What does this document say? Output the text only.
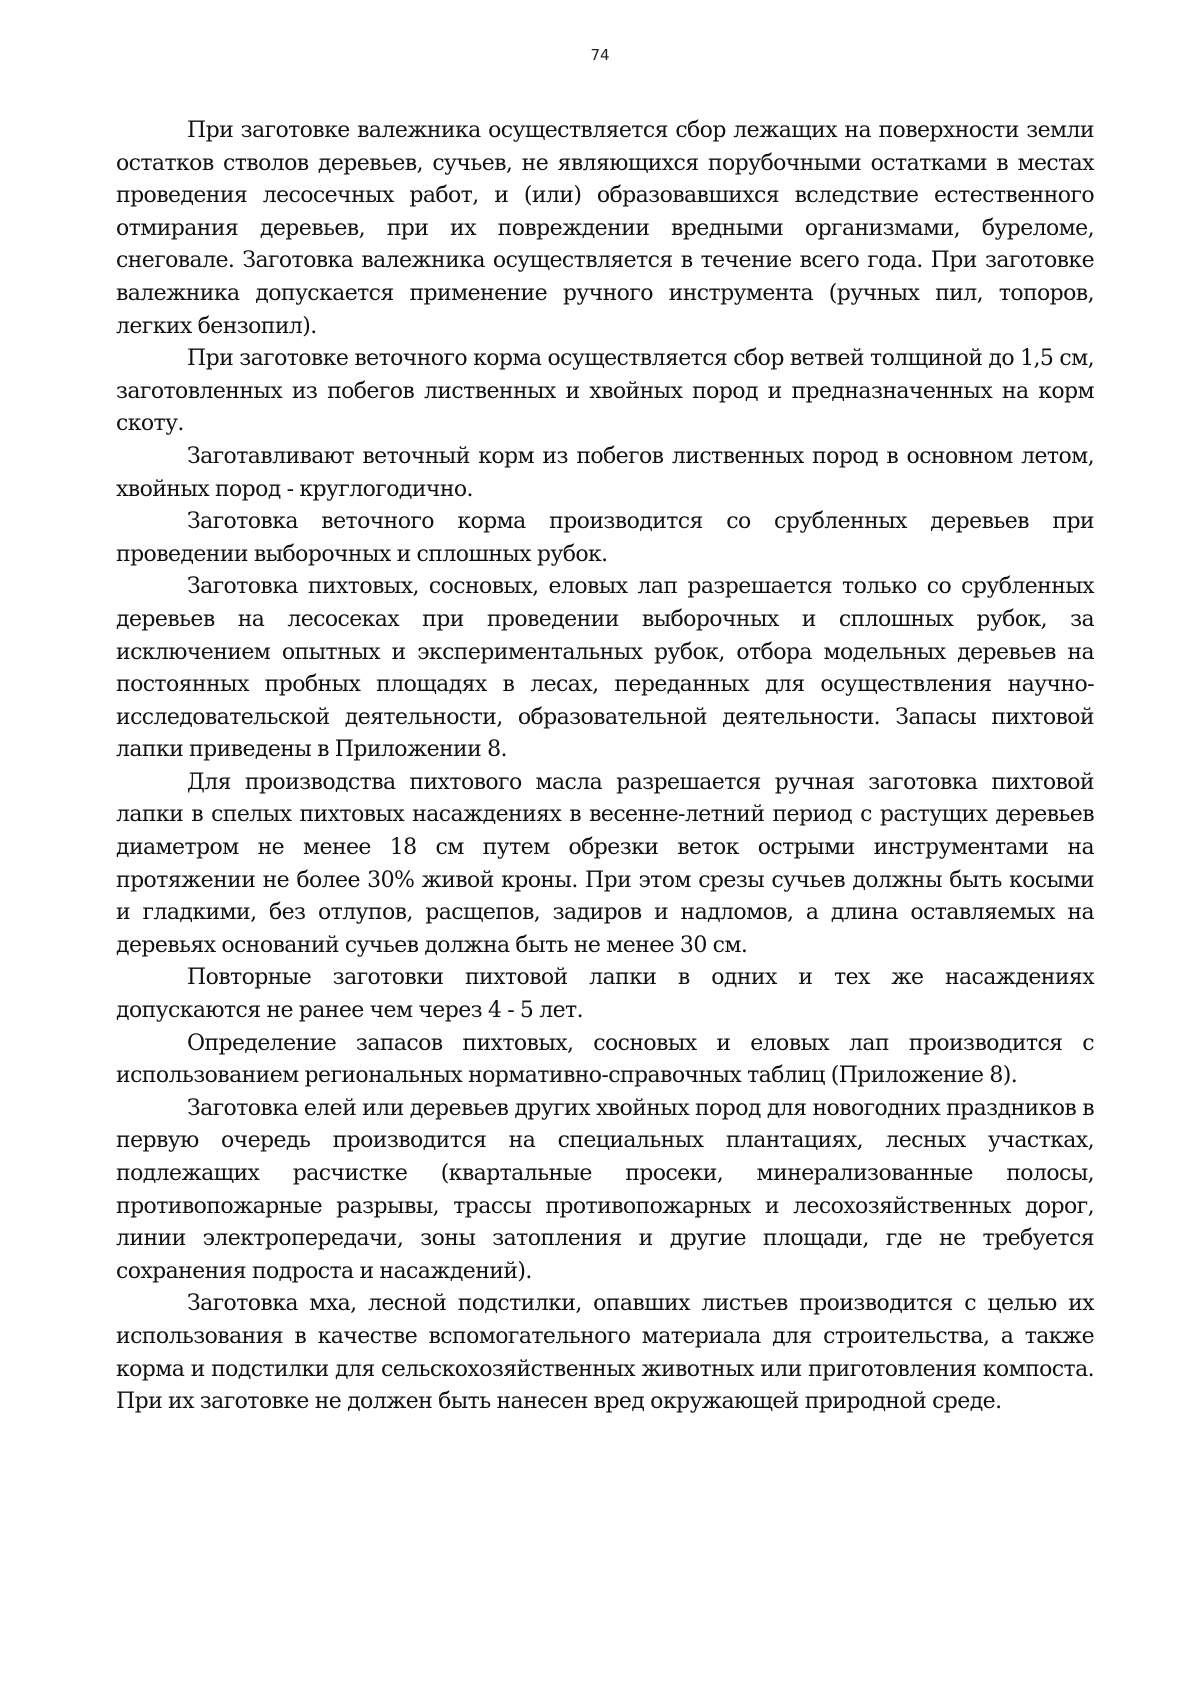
74

При заготовке валежника осуществляется сбор лежащих на поверхности земли остатков стволов деревьев, сучьев, не являющихся порубочными остатками в местах проведения лесосечных работ, и (или) образовавшихся вследствие естественного отмирания деревьев, при их повреждении вредными организмами, буреломе, снеговале. Заготовка валежника осуществляется в течение всего года. При заготовке валежника допускается применение ручного инструмента (ручных пил, топоров, легких бензопил).

При заготовке веточного корма осуществляется сбор ветвей толщиной до 1,5 см, заготовленных из побегов лиственных и хвойных пород и предназначенных на корм скоту.

Заготавливают веточный корм из побегов лиственных пород в основном летом, хвойных пород - круглогодично.

Заготовка веточного корма производится со срубленных деревьев при проведении выборочных и сплошных рубок.

Заготовка пихтовых, сосновых, еловых лап разрешается только со срубленных деревьев на лесосеках при проведении выборочных и сплошных рубок, за исключением опытных и экспериментальных рубок, отбора модельных деревьев на постоянных пробных площадях в лесах, переданных для осуществления научно-исследовательской деятельности, образовательной деятельности. Запасы пихтовой лапки приведены в Приложении 8.

Для производства пихтового масла разрешается ручная заготовка пихтовой лапки в спелых пихтовых насаждениях в весенне-летний период с растущих деревьев диаметром не менее 18 см путем обрезки веток острыми инструментами на протяжении не более 30% живой кроны. При этом срезы сучьев должны быть косыми и гладкими, без отлупов, расщепов, задиров и надломов, а длина оставляемых на деревьях оснований сучьев должна быть не менее 30 см.

Повторные заготовки пихтовой лапки в одних и тех же насаждениях допускаются не ранее чем через 4 - 5 лет.

Определение запасов пихтовых, сосновых и еловых лап производится с использованием региональных нормативно-справочных таблиц (Приложение 8).

Заготовка елей или деревьев других хвойных пород для новогодних праздников в первую очередь производится на специальных плантациях, лесных участках, подлежащих расчистке (квартальные просеки, минерализованные полосы, противопожарные разрывы, трассы противопожарных и лесохозяйственных дорог, линии электропередачи, зоны затопления и другие площади, где не требуется сохранения подроста и насаждений).

Заготовка мха, лесной подстилки, опавших листьев производится с целью их использования в качестве вспомогательного материала для строительства, а также корма и подстилки для сельскохозяйственных животных или приготовления компоста. При их заготовке не должен быть нанесен вред окружающей природной среде.
